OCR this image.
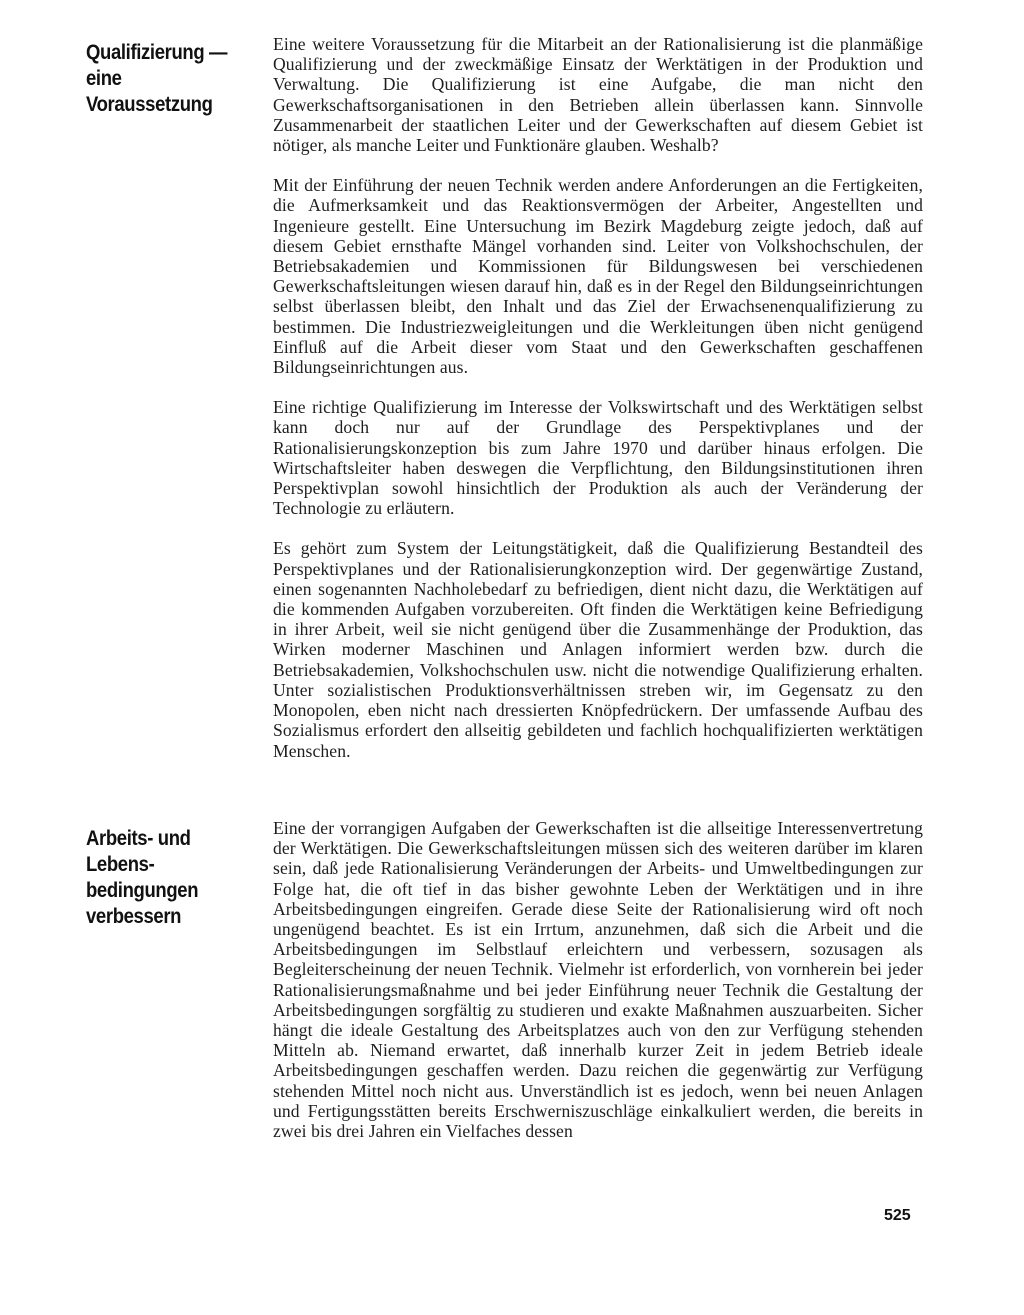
Qualifizierung —
eine
Voraussetzung

Eine weitere Voraussetzung für die Mitarbeit an der Rationalisierung ist die planmäßige Qualifizierung und der zweckmäßige Einsatz der Werktätigen in der Produktion und Verwaltung. Die Qualifizierung ist eine Aufgabe, die man nicht den Gewerkschaftsorganisationen in den Betrieben allein überlassen kann. Sinnvolle Zusammenarbeit der staatlichen Leiter und der Gewerkschaften auf diesem Gebiet ist nötiger, als manche Leiter und Funktionäre glauben. Weshalb?

Mit der Einführung der neuen Technik werden andere Anforderungen an die Fertigkeiten, die Aufmerksamkeit und das Reaktionsvermögen der Arbeiter, Angestellten und Ingenieure gestellt. Eine Untersuchung im Bezirk Magdeburg zeigte jedoch, daß auf diesem Gebiet ernsthafte Mängel vorhanden sind. Leiter von Volkshochschulen, der Betriebsakademien und Kommissionen für Bildungswesen bei verschiedenen Gewerkschaftsleitungen wiesen darauf hin, daß es in der Regel den Bildungseinrichtungen selbst überlassen bleibt, den Inhalt und das Ziel der Erwachsenenqualifizierung zu bestimmen. Die Industriezweigleitungen und die Werkleitungen üben nicht genügend Einfluß auf die Arbeit dieser vom Staat und den Gewerkschaften geschaffenen Bildungseinrichtungen aus.

Eine richtige Qualifizierung im Interesse der Volkswirtschaft und des Werktätigen selbst kann doch nur auf der Grundlage des Perspektivplanes und der Rationalisierungskonzeption bis zum Jahre 1970 und darüber hinaus erfolgen. Die Wirtschaftsleiter haben deswegen die Verpflichtung, den Bildungsinstitutionen ihren Perspektivplan sowohl hinsichtlich der Produktion als auch der Veränderung der Technologie zu erläutern.

Es gehört zum System der Leitungstätigkeit, daß die Qualifizierung Bestandteil des Perspektivplanes und der Rationalisierungkonzeption wird. Der gegenwärtige Zustand, einen sogenannten Nachholebedarf zu befriedigen, dient nicht dazu, die Werktätigen auf die kommenden Aufgaben vorzubereiten. Oft finden die Werktätigen keine Befriedigung in ihrer Arbeit, weil sie nicht genügend über die Zusammenhänge der Produktion, das Wirken moderner Maschinen und Anlagen informiert werden bzw. durch die Betriebsakademien, Volkshochschulen usw. nicht die notwendige Qualifizierung erhalten. Unter sozialistischen Produktionsverhältnissen streben wir, im Gegensatz zu den Monopolen, eben nicht nach dressierten Knöpfedrückern. Der umfassende Aufbau des Sozialismus erfordert den allseitig gebildeten und fachlich hochqualifizierten werktätigen Menschen.

Arbeits- und
Lebens-
bedingungen
verbessern

Eine der vorrangigen Aufgaben der Gewerkschaften ist die allseitige Interessenvertretung der Werktätigen. Die Gewerkschaftsleitungen müssen sich des weiteren darüber im klaren sein, daß jede Rationalisierung Veränderungen der Arbeits- und Umweltbedingungen zur Folge hat, die oft tief in das bisher gewohnte Leben der Werktätigen und in ihre Arbeitsbedingungen eingreifen. Gerade diese Seite der Rationalisierung wird oft noch ungenügend beachtet. Es ist ein Irrtum, anzunehmen, daß sich die Arbeit und die Arbeitsbedingungen im Selbstlauf erleichtern und verbessern, sozusagen als Begleiterscheinung der neuen Technik. Vielmehr ist erforderlich, von vornherein bei jeder Rationalisierungsmaßnahme und bei jeder Einführung neuer Technik die Gestaltung der Arbeitsbedingungen sorgfältig zu studieren und exakte Maßnahmen auszuarbeiten. Sicher hängt die ideale Gestaltung des Arbeitsplatzes auch von den zur Verfügung stehenden Mitteln ab. Niemand erwartet, daß innerhalb kurzer Zeit in jedem Betrieb ideale Arbeitsbedingungen geschaffen werden. Dazu reichen die gegenwärtig zur Verfügung stehenden Mittel noch nicht aus. Unverständlich ist es jedoch, wenn bei neuen Anlagen und Fertigungsstätten bereits Erschwerniszuschläge einkalkuliert werden, die bereits in zwei bis drei Jahren ein Vielfaches dessen

525
